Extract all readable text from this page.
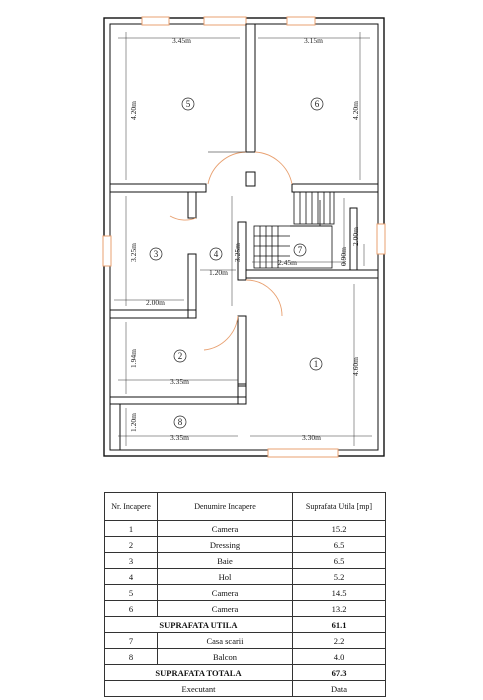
3.45m	3.15m
4.20m	4.20m
3.25m	3.25m
1.20m
2.00m
2.45m
2.00m
0.90m
1.94m
3.35m
4.60m
1.20m
3.35m	3.30m
1
2
3	4
5	6
7
8
Nr. Incapere	Denumire Incapere	Suprafata Utila [mp]
1	Camera	15.2
2	Dressing	6.5
3	Baie	6.5
4	Hol	5.2
5	Camera	14.5
6	Camera	13.2
SUPRAFATA UTILA		61.1
7	Casa scarii	2.2
8	Balcon	4.0
SUPRAFATA TOTALA		67.3
Executant		Data
